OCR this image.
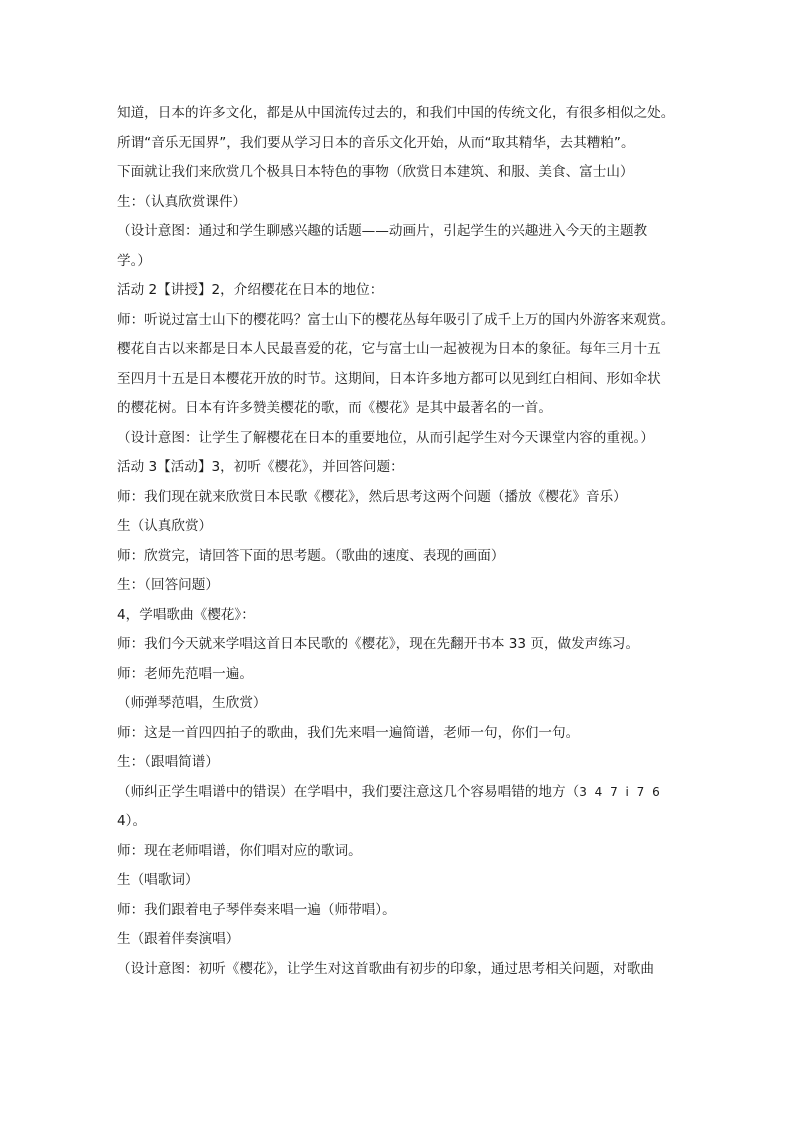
知道，日本的许多文化，都是从中国流传过去的，和我们中国的传统文化，有很多相似之处。
所谓“音乐无国界”，我们要从学习日本的音乐文化开始，从而“取其精华，去其糟粕”。
下面就让我们来欣赏几个极具日本特色的事物（欣赏日本建筑、和服、美食、富士山）
生：（认真欣赏课件）
（设计意图：通过和学生聊感兴趣的话题——动画片，引起学生的兴趣进入今天的主题教
学。）
活动 2【讲授】2，介绍樱花在日本的地位：
师：听说过富士山下的樱花吗？富士山下的樱花丛每年吸引了成千上万的国内外游客来观赏。
樱花自古以来都是日本人民最喜爱的花，它与富士山一起被视为日本的象征。每年三月十五
至四月十五是日本樱花开放的时节。这期间，日本许多地方都可以见到红白相间、形如伞状
的樱花树。日本有许多赞美樱花的歌，而《樱花》是其中最著名的一首。
（设计意图：让学生了解樱花在日本的重要地位，从而引起学生对今天课堂内容的重视。）
活动 3【活动】3，初听《樱花》，并回答问题：
师：我们现在就来欣赏日本民歌《樱花》，然后思考这两个问题（播放《樱花》音乐）
生（认真欣赏）
师：欣赏完，请回答下面的思考题。（歌曲的速度、表现的画面）
生：（回答问题）
4，学唱歌曲《樱花》：
师：我们今天就来学唱这首日本民歌的《樱花》，现在先翻开书本 33 页，做发声练习。
师：老师先范唱一遍。
（师弹琴范唱，生欣赏）
师：这是一首四四拍子的歌曲，我们先来唱一遍简谱，老师一句，你们一句。
生：（跟唱简谱）
（师纠正学生唱谱中的错误）在学唱中，我们要注意这几个容易唱错的地方（3 4 7 i 7 6
4）。
师：现在老师唱谱，你们唱对应的歌词。
生（唱歌词）
师：我们跟着电子琴伴奏来唱一遍（师带唱）。
生（跟着伴奏演唱）
（设计意图：初听《樱花》，让学生对这首歌曲有初步的印象，通过思考相关问题，对歌曲
